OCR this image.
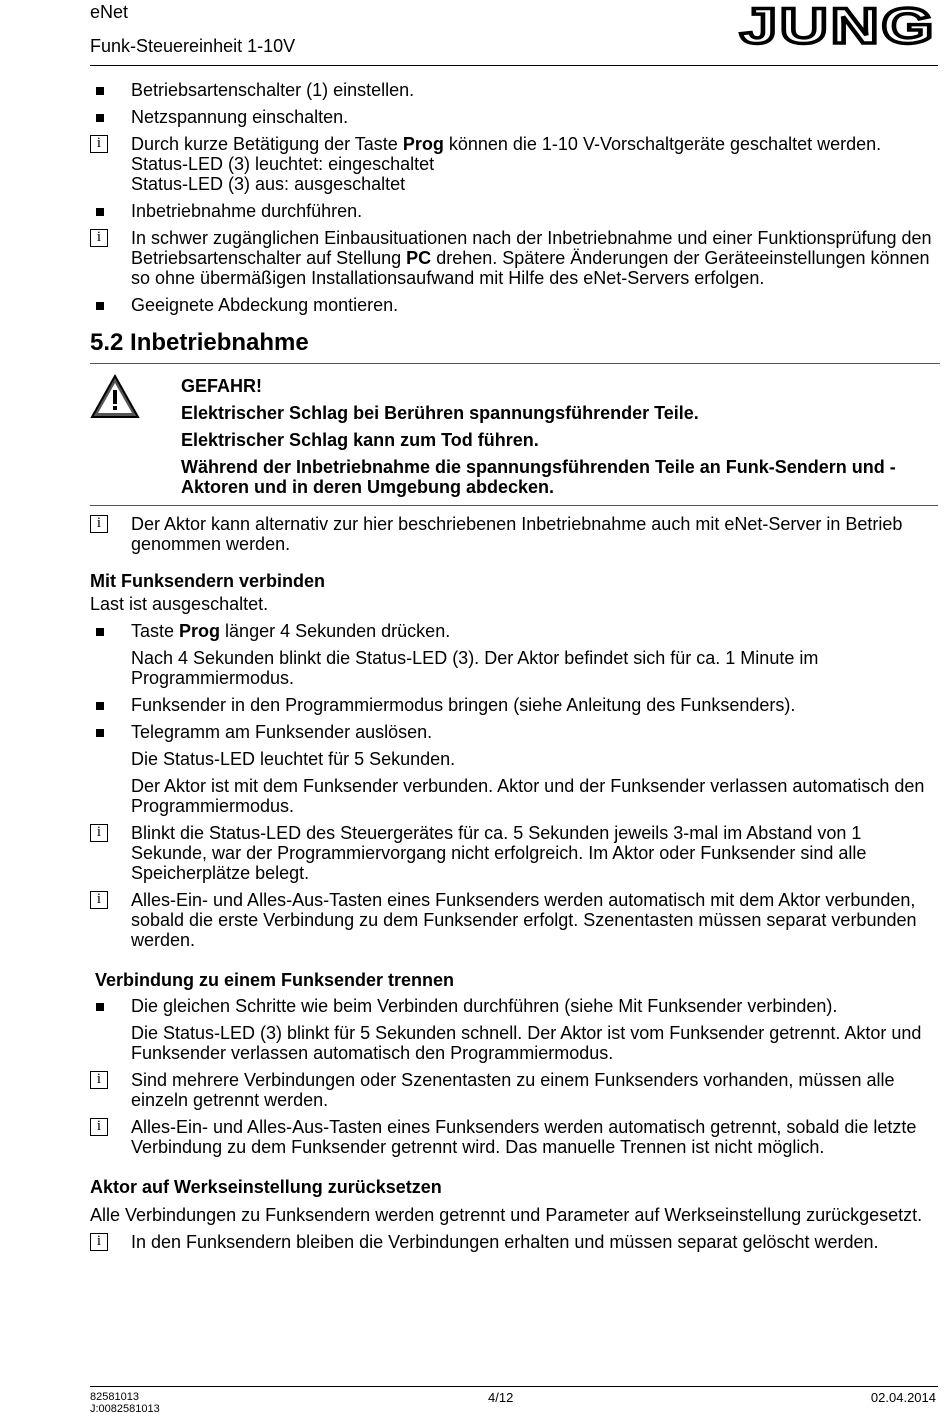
eNet
Funk-Steuereinheit 1-10V	JUNG
Betriebsartenschalter (1) einstellen.
Netzspannung einschalten.
i	Durch kurze Betätigung der Taste Prog können die 1-10 V-Vorschaltgeräte geschaltet werden.
Status-LED (3) leuchtet: eingeschaltet
Status-LED (3) aus: ausgeschaltet
Inbetriebnahme durchführen.
i	In schwer zugänglichen Einbausituationen nach der Inbetriebnahme und einer Funktionsprüfung den Betriebsartenschalter auf Stellung PC drehen. Spätere Änderungen der Geräteeinstellungen können so ohne übermäßigen Installationsaufwand mit Hilfe des eNet-Servers erfolgen.
Geeignete Abdeckung montieren.
5.2 Inbetriebnahme

GEFAHR!

Elektrischer Schlag bei Berühren spannungsführender Teile.

Elektrischer Schlag kann zum Tod führen.

Während der Inbetriebnahme die spannungsführenden Teile an Funk-Sendern und -Aktoren und in deren Umgebung abdecken.

i	Der Aktor kann alternativ zur hier beschriebenen Inbetriebnahme auch mit eNet-Server in Betrieb genommen werden.
Mit Funksendern verbinden
Last ist ausgeschaltet.
Taste Prog länger 4 Sekunden drücken.
Nach 4 Sekunden blinkt die Status-LED (3). Der Aktor befindet sich für ca. 1 Minute im Programmiermodus.
Funksender in den Programmiermodus bringen (siehe Anleitung des Funksenders).
Telegramm am Funksender auslösen.
Die Status-LED leuchtet für 5 Sekunden.
Der Aktor ist mit dem Funksender verbunden. Aktor und der Funksender verlassen automatisch den Programmiermodus.
i	Blinkt die Status-LED des Steuergerätes für ca. 5 Sekunden jeweils 3-mal im Abstand von 1 Sekunde, war der Programmiervorgang nicht erfolgreich. Im Aktor oder Funksender sind alle Speicherplätze belegt.
i	Alles-Ein- und Alles-Aus-Tasten eines Funksenders werden automatisch mit dem Aktor verbunden, sobald die erste Verbindung zu dem Funksender erfolgt. Szenentasten müssen separat verbunden werden.
Verbindung zu einem Funksender trennen
Die gleichen Schritte wie beim Verbinden durchführen (siehe Mit Funksender verbinden).
Die Status-LED (3) blinkt für 5 Sekunden schnell. Der Aktor ist vom Funksender getrennt. Aktor und Funksender verlassen automatisch den Programmiermodus.
i	Sind mehrere Verbindungen oder Szenentasten zu einem Funksenders vorhanden, müssen alle einzeln getrennt werden.
i	Alles-Ein- und Alles-Aus-Tasten eines Funksenders werden automatisch getrennt, sobald die letzte Verbindung zu dem Funksender getrennt wird. Das manuelle Trennen ist nicht möglich.
Aktor auf Werkseinstellung zurücksetzen
Alle Verbindungen zu Funksendern werden getrennt und Parameter auf Werkseinstellung zurückgesetzt.
i	In den Funksendern bleiben die Verbindungen erhalten und müssen separat gelöscht werden.
82581013
J:0082581013
4/12	02.04.2014
